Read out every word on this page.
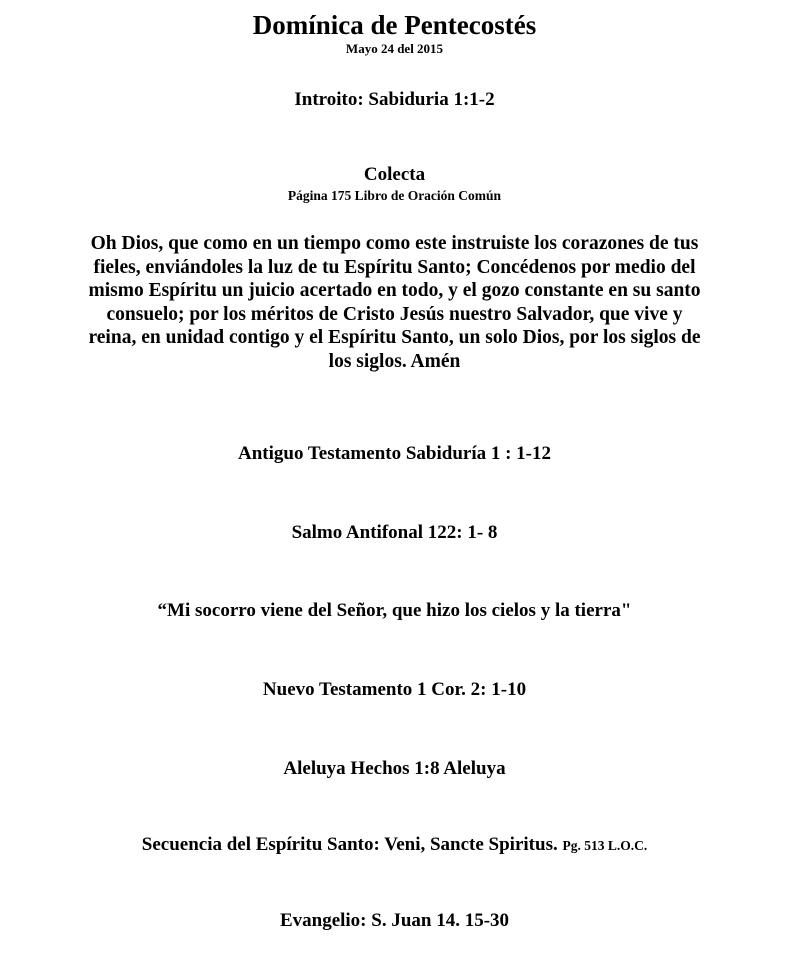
Domínica de Pentecostés
Mayo 24 del 2015
Introito: Sabiduria 1:1-2
Colecta
Página 175 Libro de Oración Común
Oh Dios, que como en un tiempo como este instruiste los corazones de tus
fieles, enviándoles la luz de tu Espíritu Santo; Concédenos por medio del
mismo Espíritu un juicio acertado en todo, y el gozo constante en su santo
consuelo; por los méritos de Cristo Jesús nuestro Salvador, que vive y
reina, en unidad contigo y el Espíritu Santo, un solo Dios, por los siglos de
los siglos. Amén
Antiguo Testamento Sabiduría 1 : 1-12
Salmo Antifonal 122: 1- 8
“Mi socorro viene del Señor, que hizo los cielos y la tierra"
Nuevo Testamento 1 Cor. 2: 1-10
Aleluya Hechos 1:8 Aleluya
Secuencia del Espíritu Santo: Veni, Sancte Spiritus. Pg. 513 L.O.C.
Evangelio: S. Juan 14. 15-30
